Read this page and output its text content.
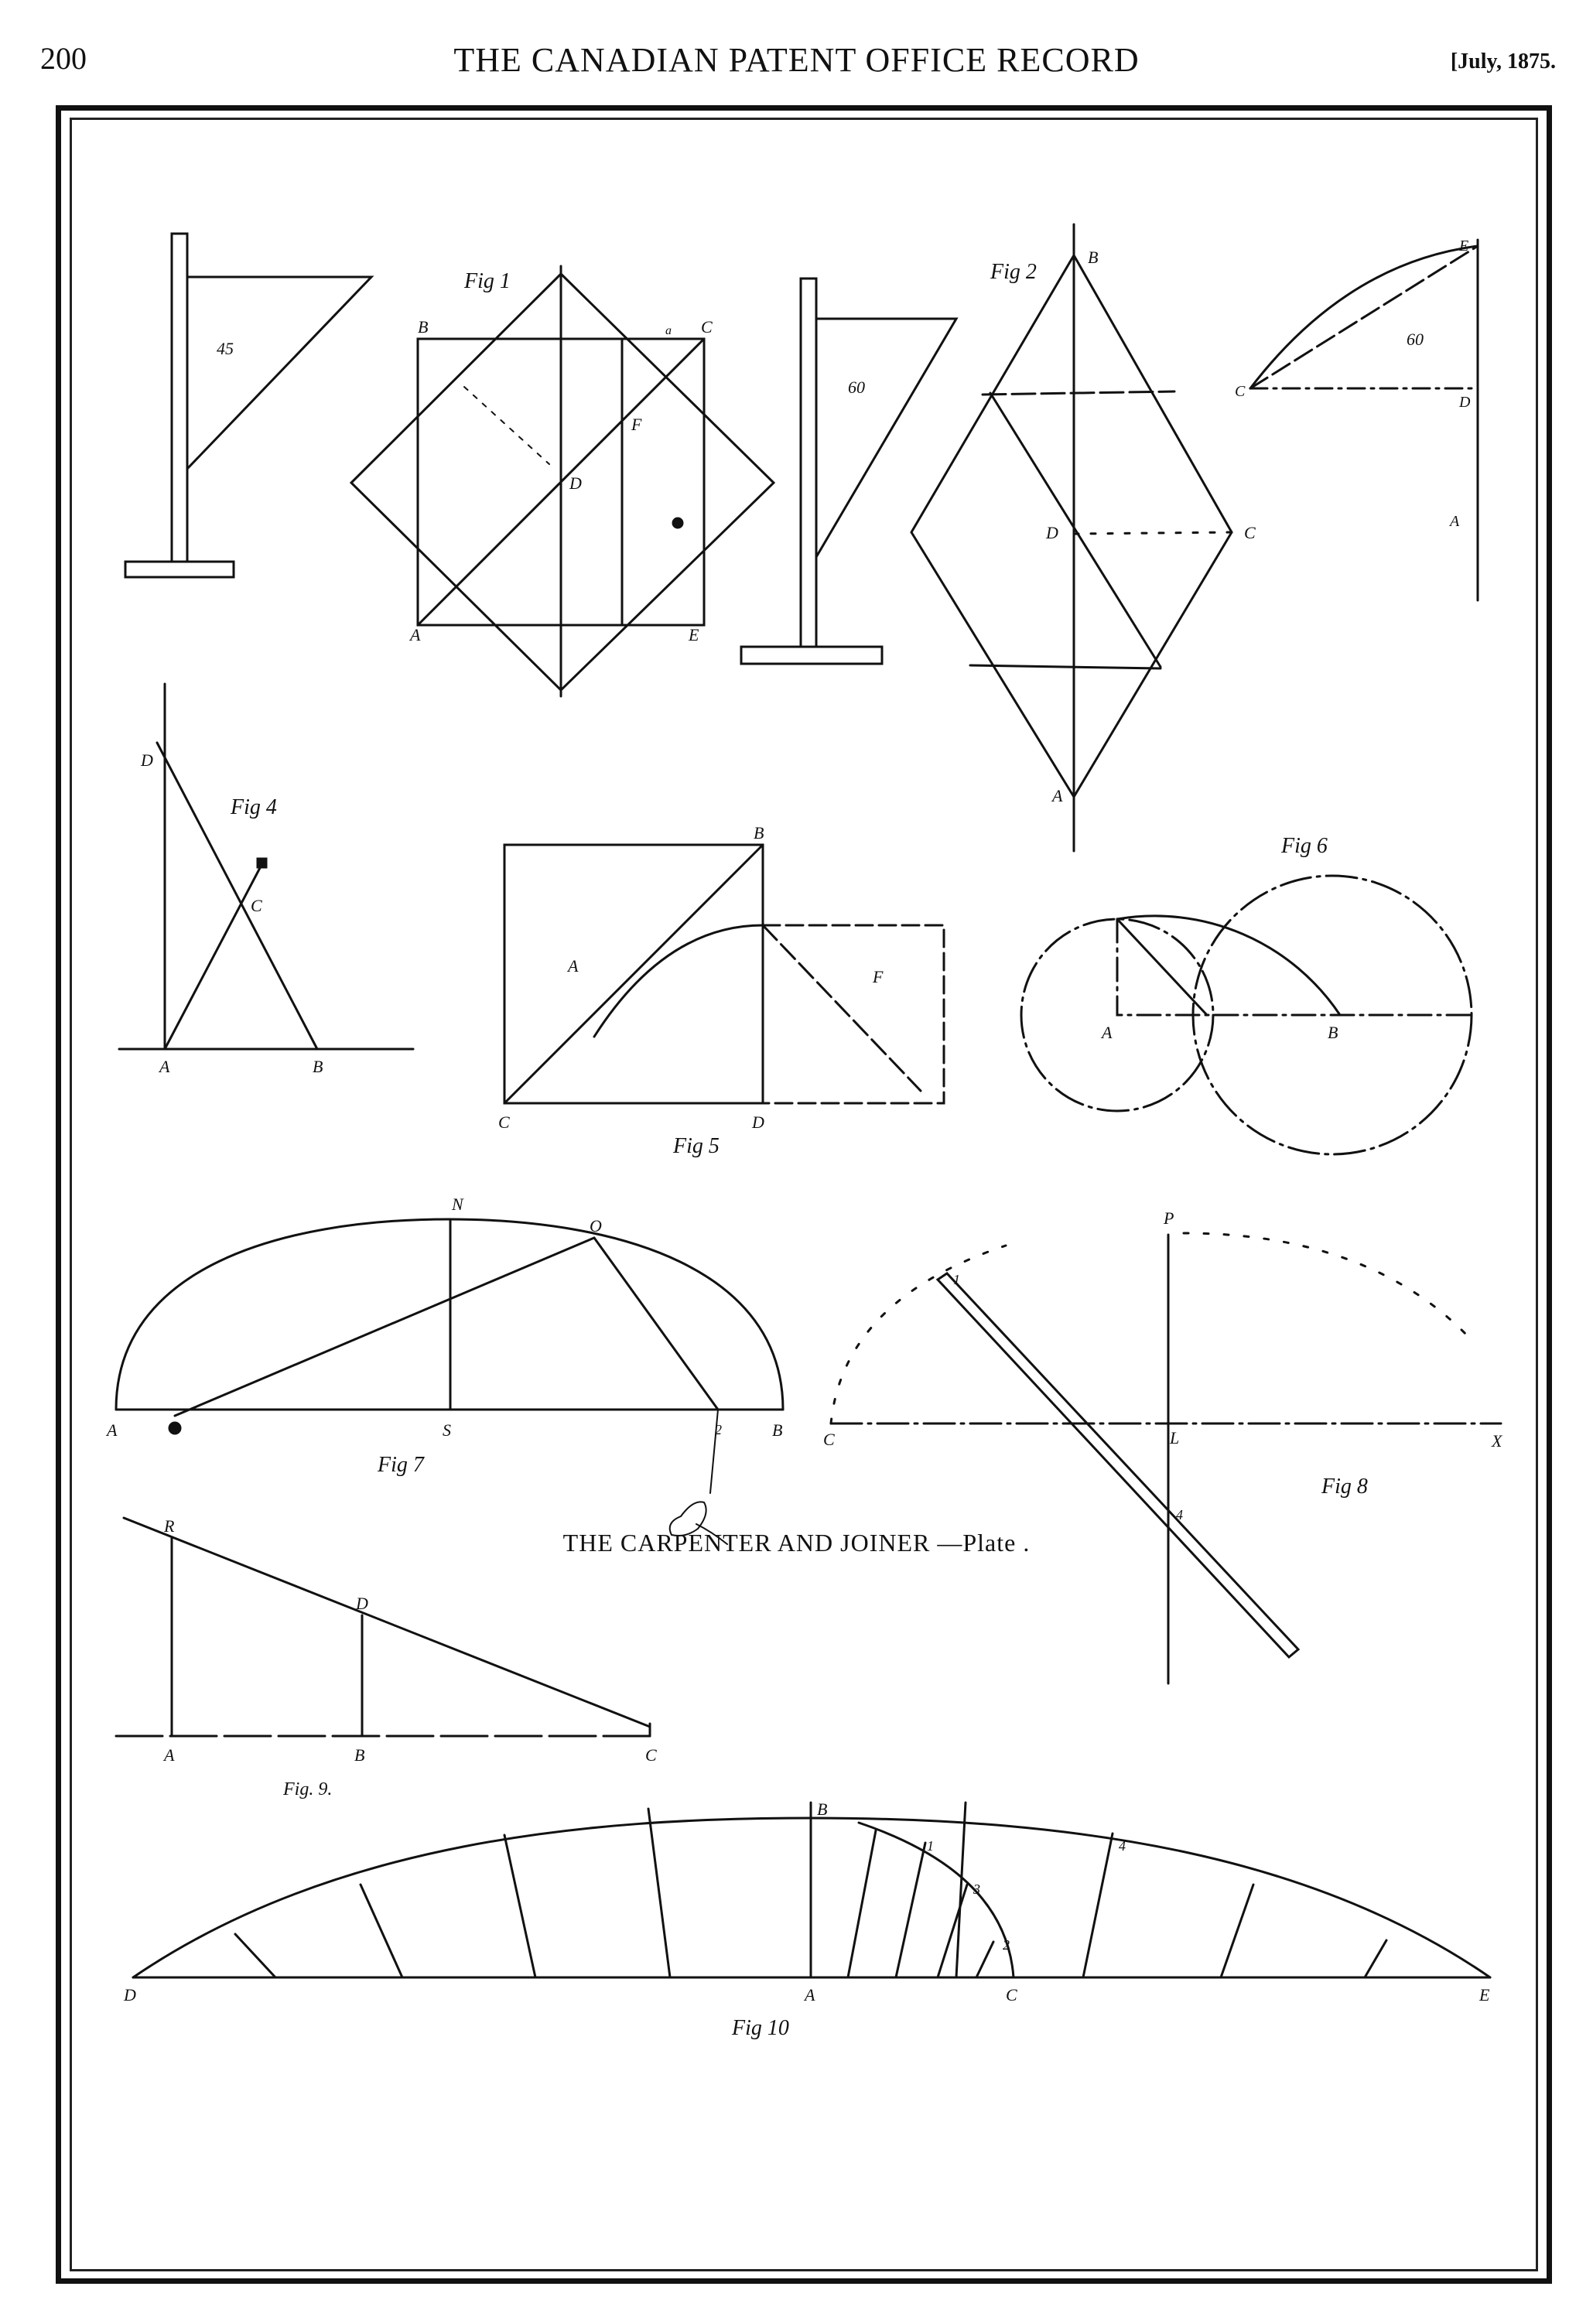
200	THE CANADIAN PATENT OFFICE RECORD	[July, 1875.
45
Fig 1
A
B	C
D
E
F
a
60
Fig 2
B
D	C
A
60
E
C
D
A
Fig 4
D
C
A	B
Fig 5
B
A
F
C	D
Fig 6
A	B
Fig 7
N
O
A	S	2	B
Fig 8
P
1
C	L	X
4
Fig. 9.
R
D
A	B	C
Fig 10
B
D	A	C	E
1
2
3
4
THE CARPENTER AND JOINER —Plate .
